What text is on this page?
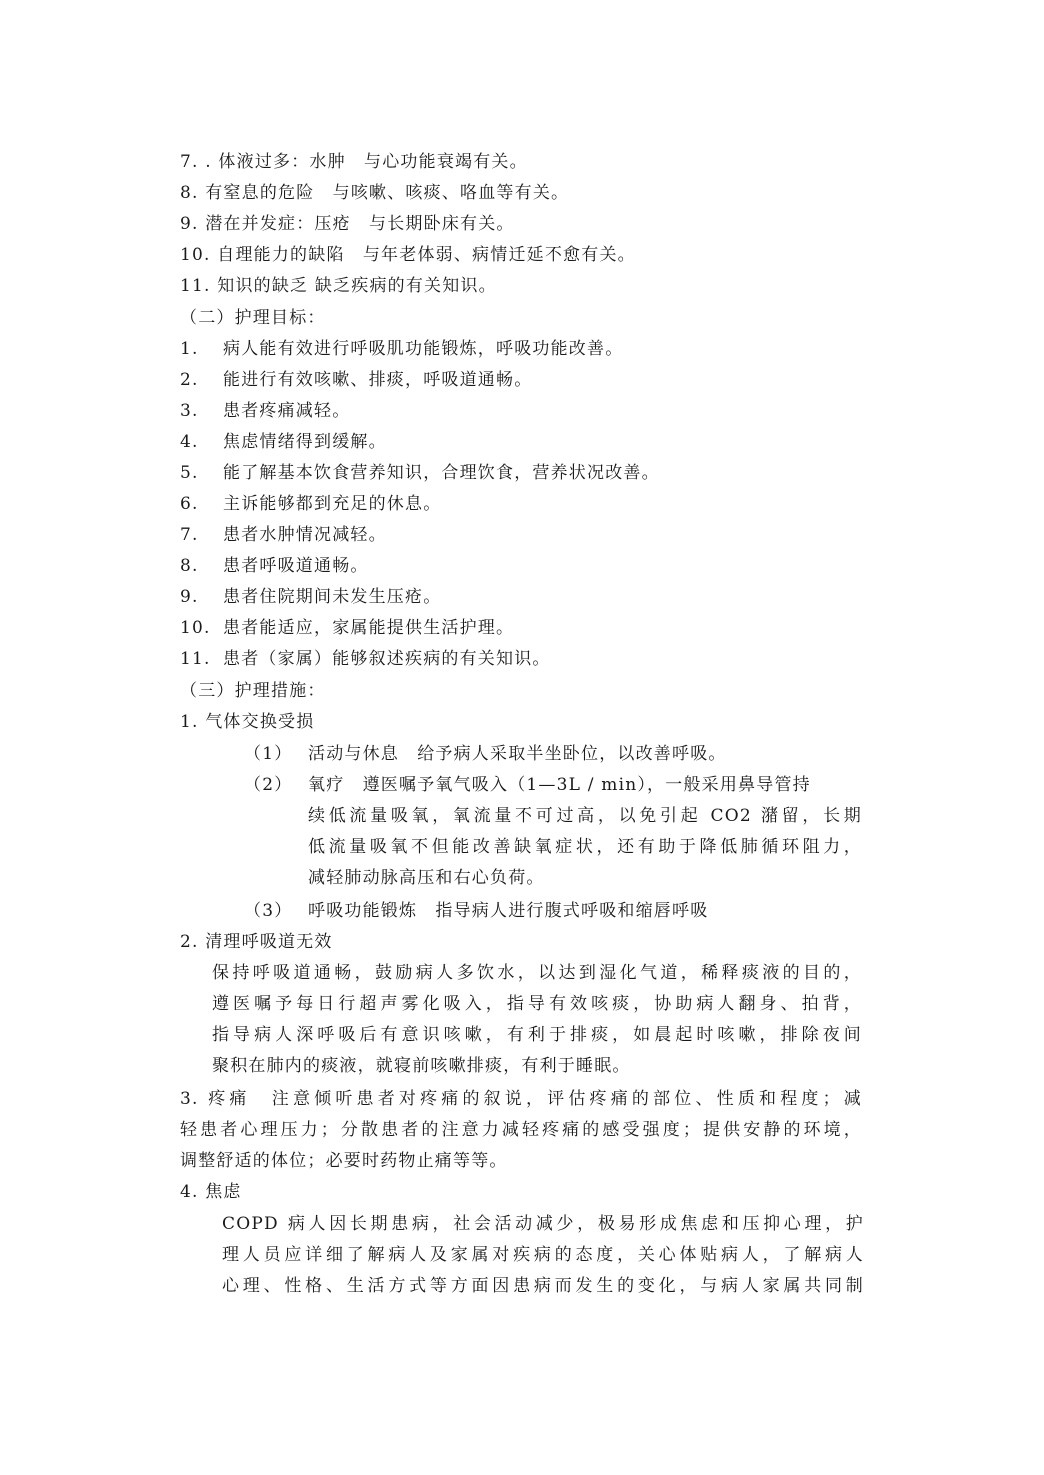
7. . 体液过多：水肿　与心功能衰竭有关。
8. 有窒息的危险　与咳嗽、咳痰、咯血等有关。
9. 潜在并发症：压疮　与长期卧床有关。
10. 自理能力的缺陷　与年老体弱、病情迁延不愈有关。
11. 知识的缺乏 缺乏疾病的有关知识。
（二）护理目标：
1. 病人能有效进行呼吸肌功能锻炼，呼吸功能改善。
2. 能进行有效咳嗽、排痰，呼吸道通畅。
3. 患者疼痛减轻。
4. 焦虑情绪得到缓解。
5. 能了解基本饮食营养知识，合理饮食，营养状况改善。
6. 主诉能够都到充足的休息。
7. 患者水肿情况减轻。
8. 患者呼吸道通畅。
9. 患者住院期间未发生压疮。
10. 患者能适应，家属能提供生活护理。
11. 患者（家属）能够叙述疾病的有关知识。
（三）护理措施：
1. 气体交换受损
（1） 活动与休息　给予病人采取半坐卧位，以改善呼吸。
（2） 氧疗　遵医嘱予氧气吸入（1—3L / min），一般采用鼻导管持
续低流量吸氧，氧流量不可过高，以免引起 CO2 潴留，长期
低流量吸氧不但能改善缺氧症状，还有助于降低肺循环阻力，
减轻肺动脉高压和右心负荷。
（3） 呼吸功能锻炼　指导病人进行腹式呼吸和缩唇呼吸
2. 清理呼吸道无效
保持呼吸道通畅，鼓励病人多饮水，以达到湿化气道，稀释痰液的目的，
遵医嘱予每日行超声雾化吸入，指导有效咳痰，协助病人翻身、拍背，
指导病人深呼吸后有意识咳嗽，有利于排痰，如晨起时咳嗽，排除夜间
聚积在肺内的痰液，就寝前咳嗽排痰，有利于睡眠。
3. 疼痛　注意倾听患者对疼痛的叙说，评估疼痛的部位、性质和程度；减
轻患者心理压力；分散患者的注意力减轻疼痛的感受强度；提供安静的环境，
调整舒适的体位；必要时药物止痛等等。
4. 焦虑
COPD 病人因长期患病，社会活动减少，极易形成焦虑和压抑心理，护
理人员应详细了解病人及家属对疾病的态度，关心体贴病人，了解病人
心理、性格、生活方式等方面因患病而发生的变化，与病人家属共同制
